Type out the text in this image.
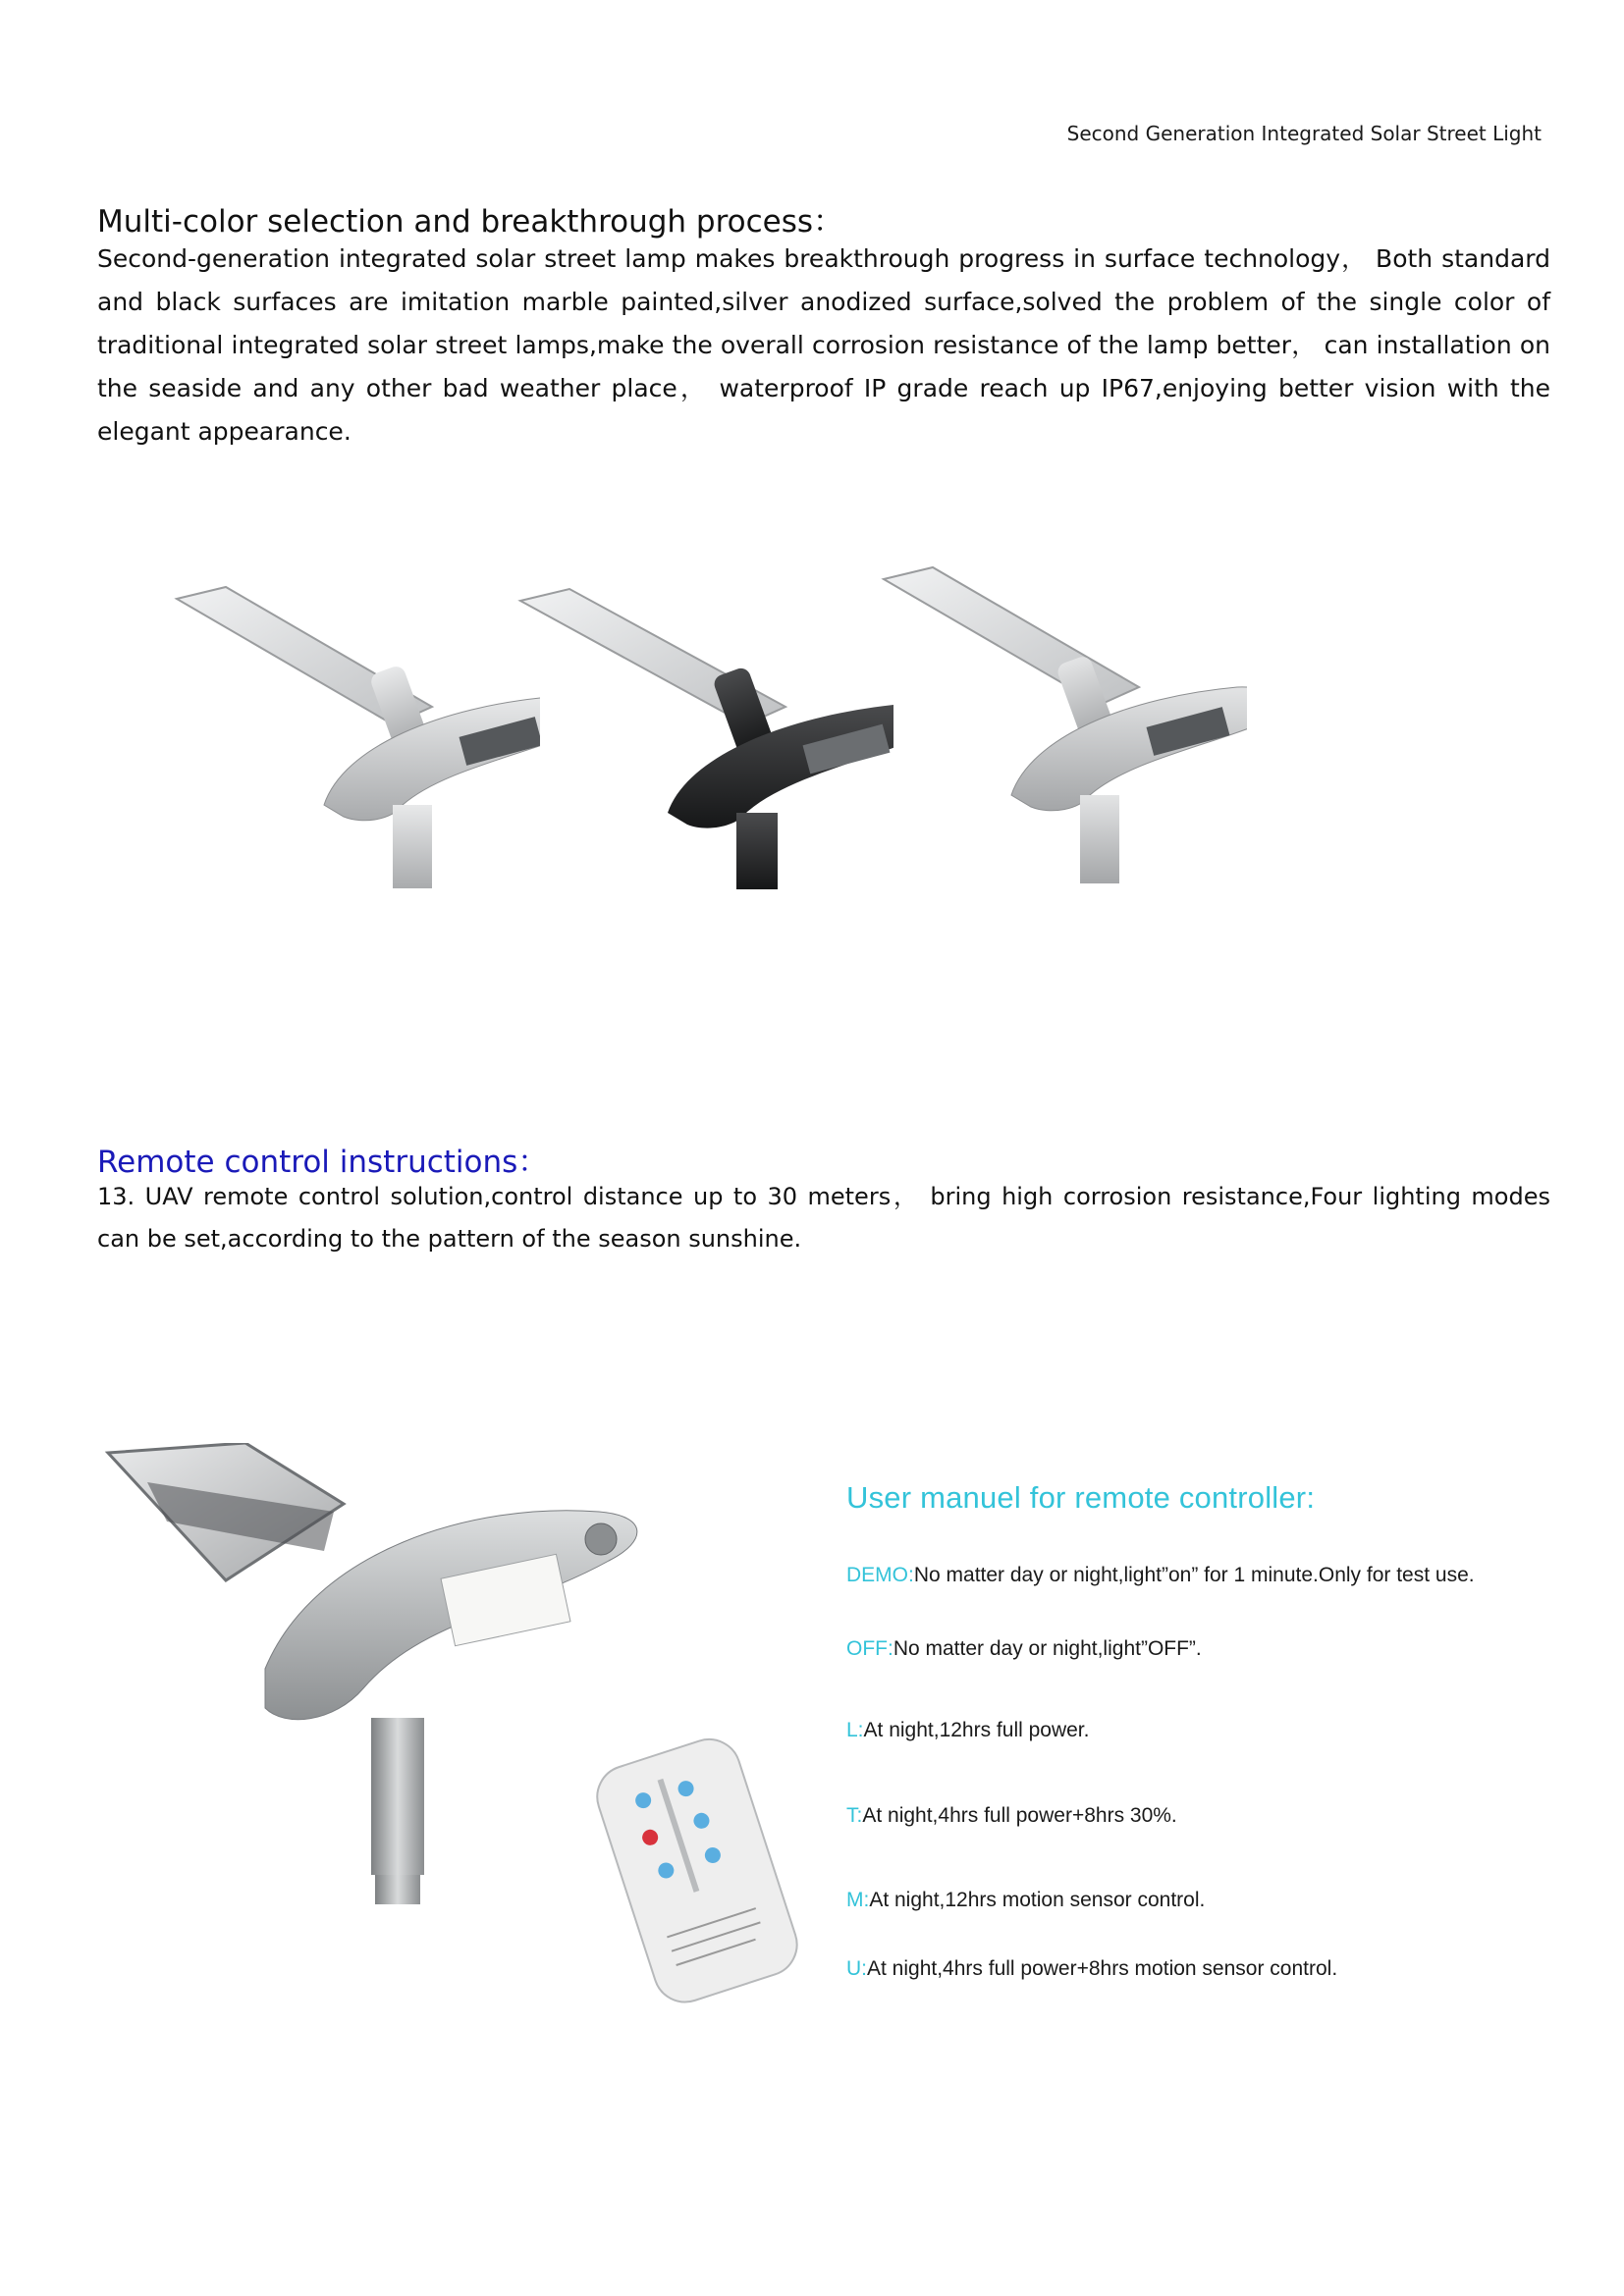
Second Generation Integrated Solar Street Light
Multi-color selection and breakthrough process：
Second-generation integrated solar street lamp makes breakthrough progress in surface technology， Both standard and black surfaces are imitation marble painted,silver anodized surface,solved the problem of the single color of traditional integrated solar street lamps,make the overall corrosion resistance of the lamp better， can installation on the seaside and any other bad weather place， waterproof IP grade reach up IP67,enjoying better vision with the elegant appearance.
Remote control instructions：
13. UAV remote control solution,control distance up to 30 meters， bring high corrosion resistance,Four lighting modes can be set,according to the pattern of the season sunshine.
User manuel for remote controller:
DEMO:No matter day or night,light”on” for 1 minute.Only for test use.
OFF:No matter day or night,light”OFF”.
L:At night,12hrs full power.
T:At night,4hrs full power+8hrs 30%.
M:At night,12hrs motion sensor control.
U:At night,4hrs full power+8hrs motion sensor control.
